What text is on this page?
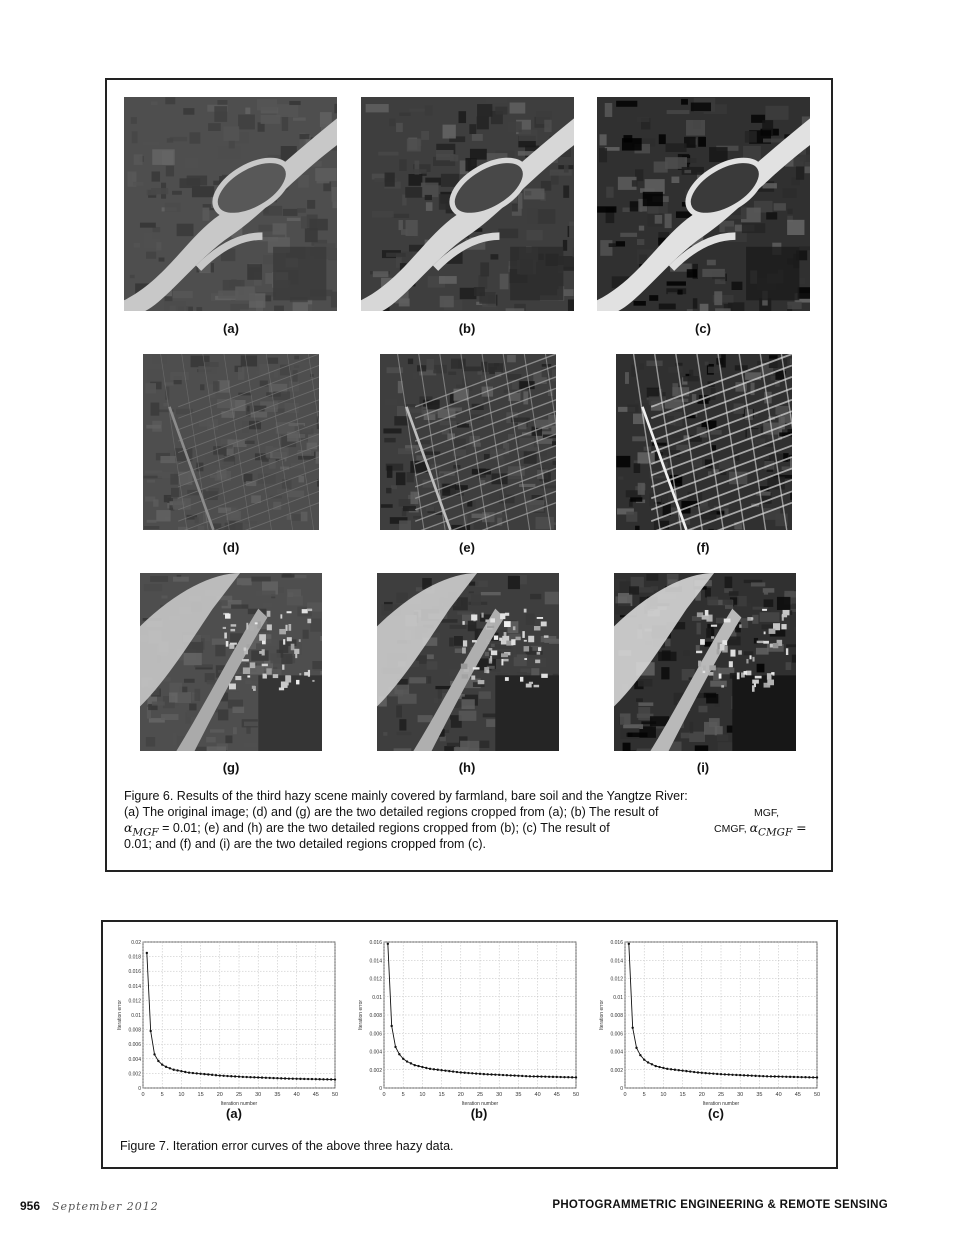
(a)	(b)	(c)
(d)	(e)	(f)
(g)	(h)	(i)
Figure 6. Results of the third hazy scene mainly covered by farmland, bare soil and the Yangtze River:
(a) The original image; (d) and (g) are the two detailed regions cropped from (a); (b) The result of	MGF,
$\alpha_{MGF} = 0.01$; (e) and (h) are the two detailed regions cropped from (b); (c) The result of	CMGF, $\alpha_{CMGF}$ =
0.01; and (f) and (i) are the two detailed regions cropped from (c).
0	5	10 15 20 25 30 35 40 45 50
0
0.002
0.004
0.006
0.008
0.01
0.012
0.014
0.016
0.018
0.02
Iteration number
Iteration error
0	5	10 15 20 25 30 35 40 45 50
0
0.002
0.004
0.006
0.008
0.01
0.012
0.014
0.016
Iteration number
Iteration error
0	5	10 15 20 25 30 35 40 45 50
0
0.002
0.004
0.006
0.008
0.01
0.012
0.014
0.016
Iteration number
Iteration error
(a)	(b)	(c)
Figure 7. Iteration error curves of the above three hazy data.
956 September 2012	PHOTOGRAMMETRIC ENGINEERING & REMOTE SENSING
